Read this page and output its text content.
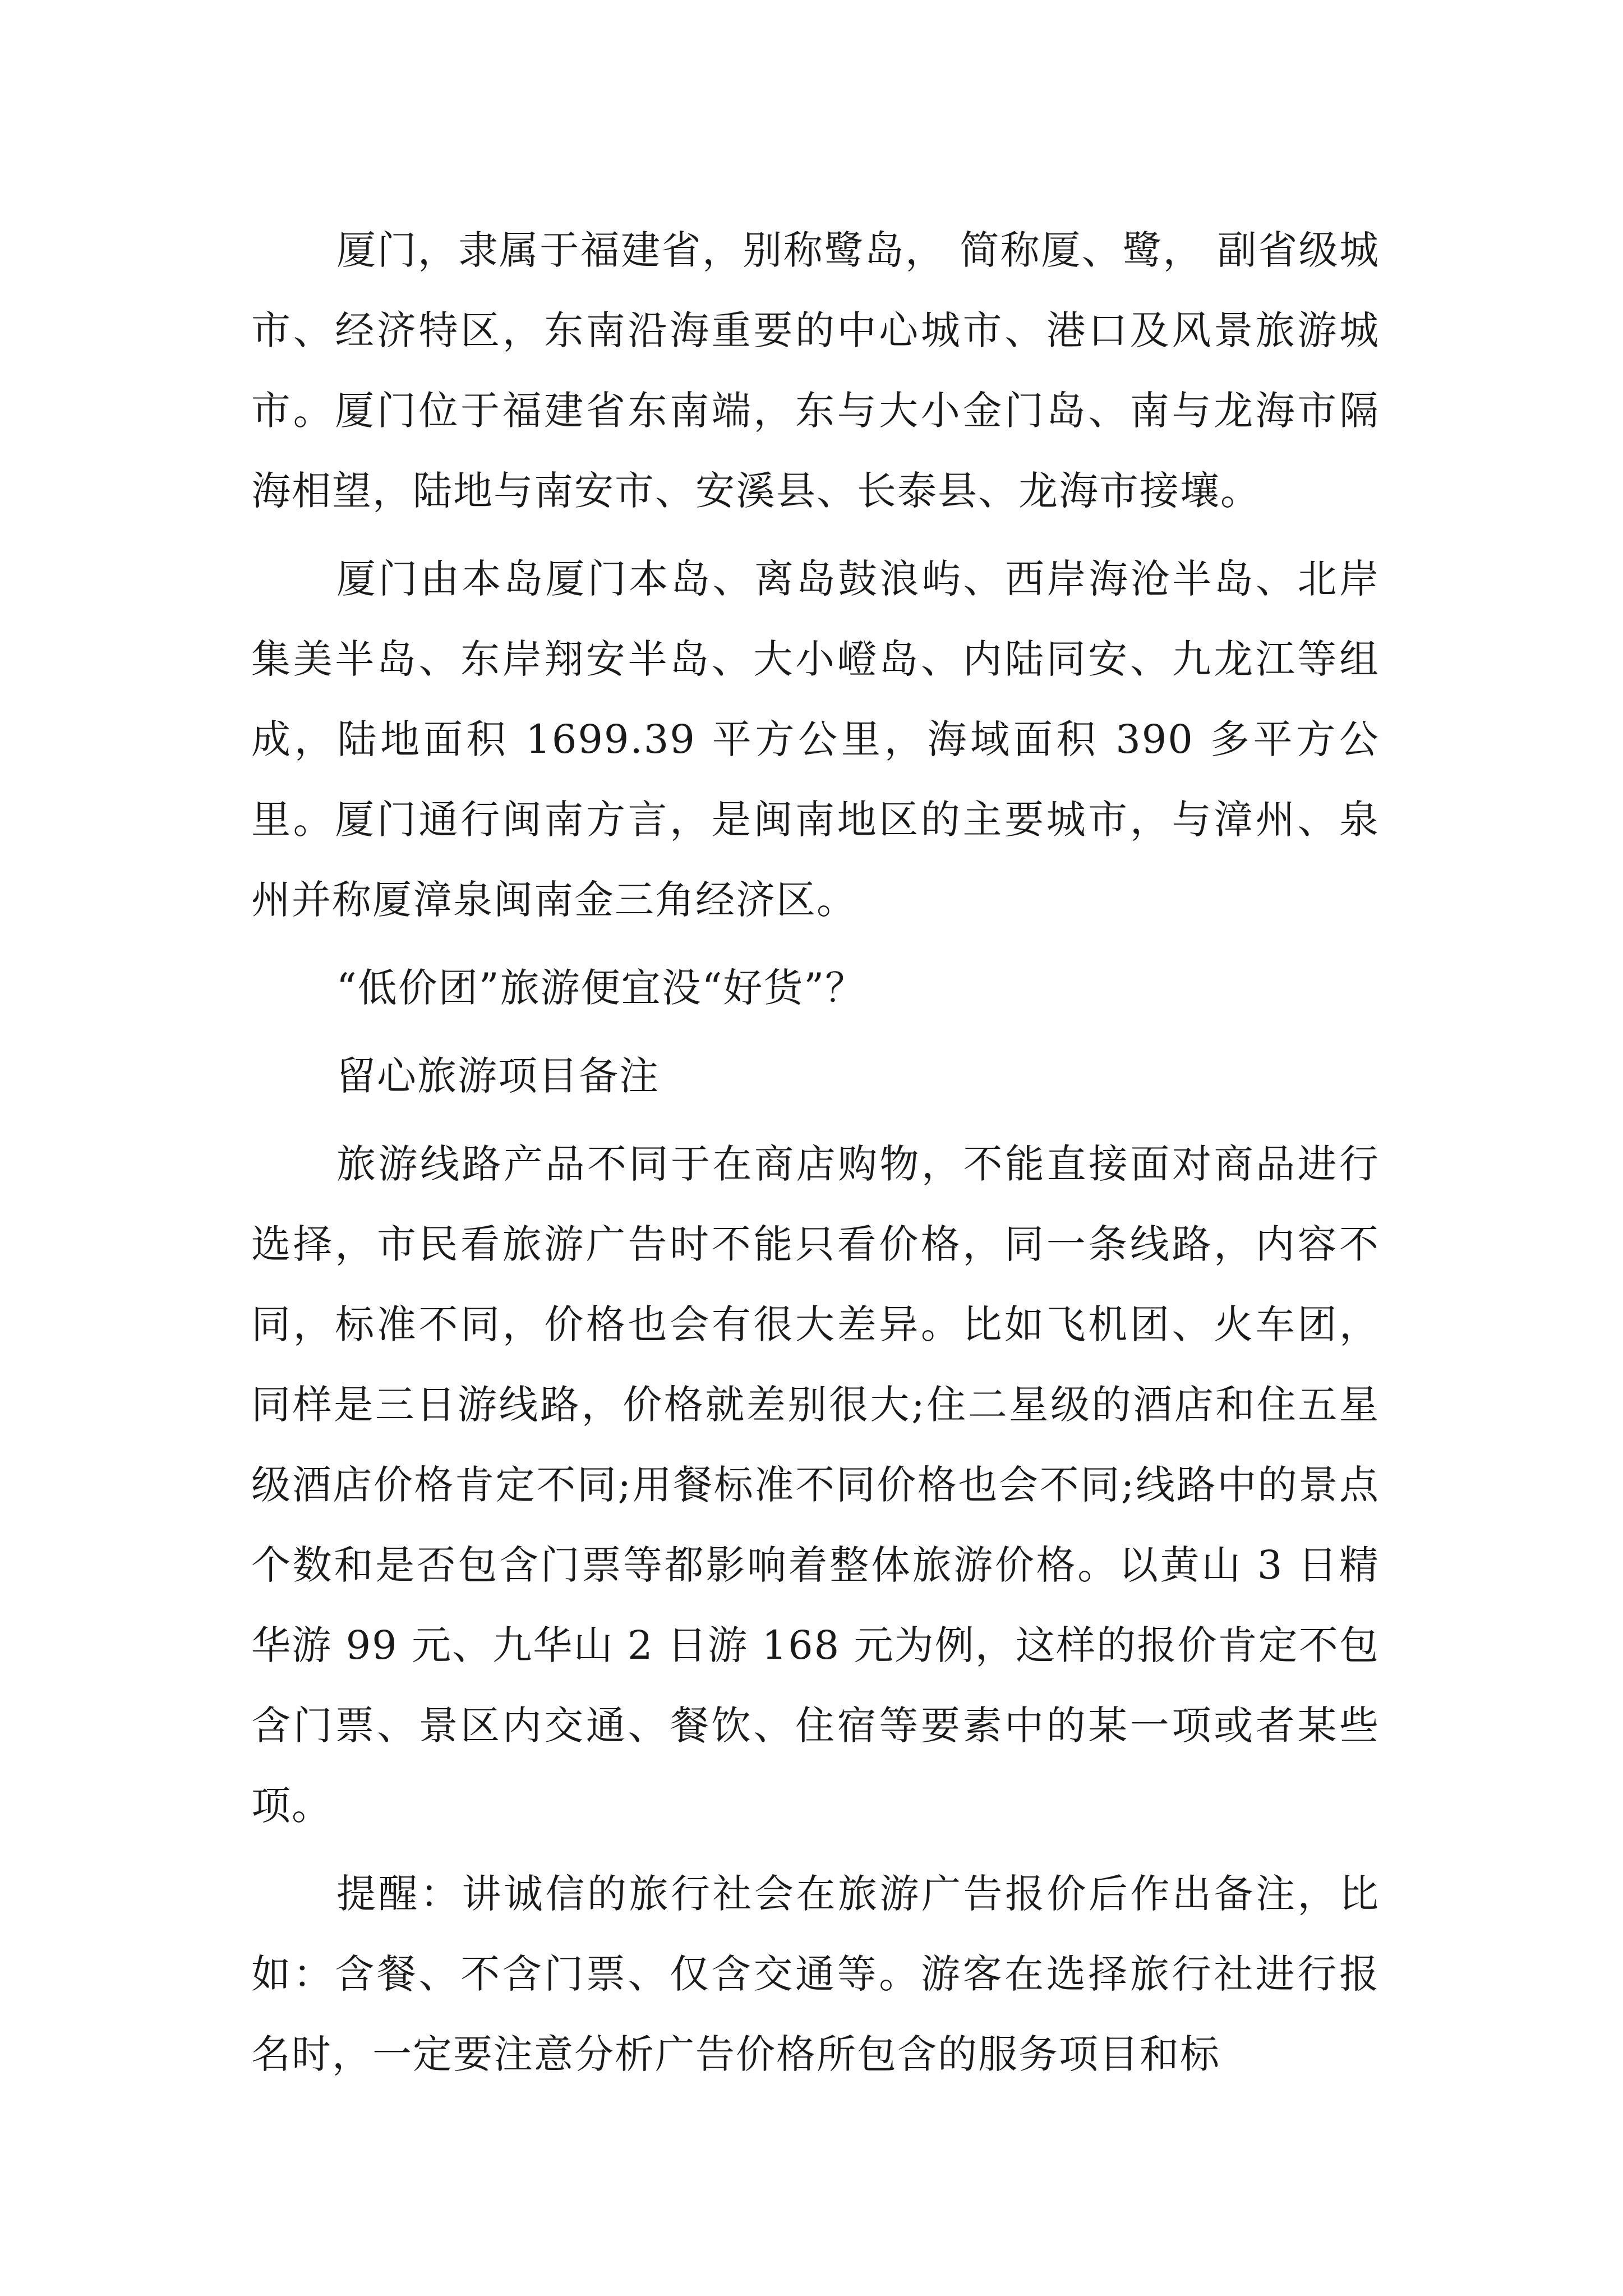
厦门，隶属于福建省，别称鹭岛， 简称厦、鹭， 副省级城市、经济特区，东南沿海重要的中心城市、港口及风景旅游城市。厦门位于福建省东南端，东与大小金门岛、南与龙海市隔海相望，陆地与南安市、安溪县、长泰县、龙海市接壤。

厦门由本岛厦门本岛、离岛鼓浪屿、西岸海沧半岛、北岸集美半岛、东岸翔安半岛、大小嶝岛、内陆同安、九龙江等组成，陆地面积 1699.39 平方公里，海域面积 390 多平方公里。厦门通行闽南方言，是闽南地区的主要城市，与漳州、泉州并称厦漳泉闽南金三角经济区。

“低价团”旅游便宜没“好货”？

留心旅游项目备注

旅游线路产品不同于在商店购物，不能直接面对商品进行选择，市民看旅游广告时不能只看价格，同一条线路，内容不同，标准不同，价格也会有很大差异。比如飞机团、火车团，同样是三日游线路，价格就差别很大;住二星级的酒店和住五星级酒店价格肯定不同;用餐标准不同价格也会不同;线路中的景点个数和是否包含门票等都影响着整体旅游价格。以黄山 3 日精华游 99 元、九华山 2 日游 168 元为例，这样的报价肯定不包含门票、景区内交通、餐饮、住宿等要素中的某一项或者某些项。

提醒：讲诚信的旅行社会在旅游广告报价后作出备注，比如：含餐、不含门票、仅含交通等。游客在选择旅行社进行报名时，一定要注意分析广告价格所包含的服务项目和标
